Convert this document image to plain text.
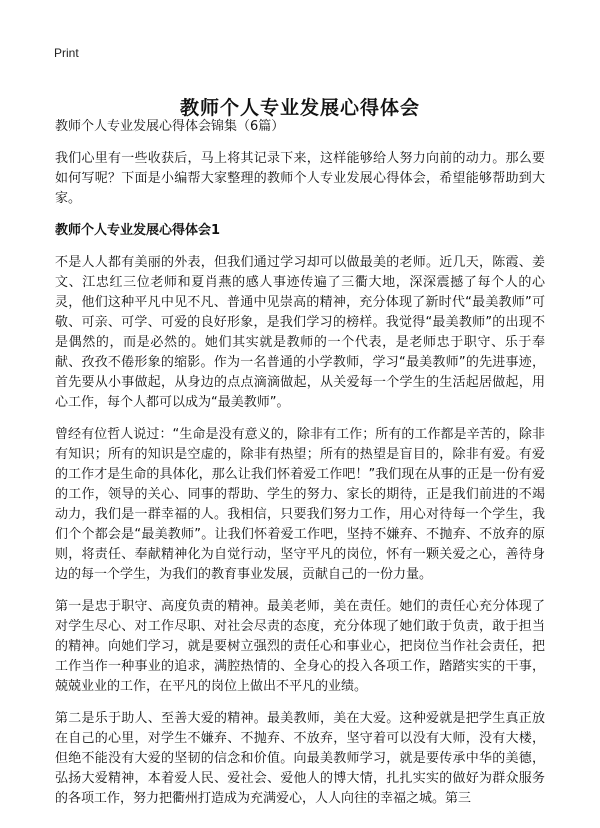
Print
教师个人专业发展心得体会

教师个人专业发展心得体会锦集（6篇）

我们心里有一些收获后，马上将其记录下来，这样能够给人努力向前的动力。那么要如何写呢？下面是小编帮大家整理的教师个人专业发展心得体会，希望能够帮助到大家。

教师个人专业发展心得体会1

不是人人都有美丽的外表，但我们通过学习却可以做最美的老师。近几天，陈霞、姜文、江忠红三位老师和夏肖燕的感人事迹传遍了三衢大地，深深震撼了每个人的心灵，他们这种平凡中见不凡、普通中见崇高的精神，充分体现了新时代“最美教师”可敬、可亲、可学、可爱的良好形象，是我们学习的榜样。我觉得“最美教师”的出现不是偶然的，而是必然的。她们其实就是教师的一个代表，是老师忠于职守、乐于奉献、孜孜不倦形象的缩影。作为一名普通的小学教师，学习“最美教师”的先进事迹，首先要从小事做起，从身边的点点滴滴做起，从关爱每一个学生的生活起居做起，用心工作，每个人都可以成为“最美教师”。

曾经有位哲人说过：“生命是没有意义的，除非有工作；所有的工作都是辛苦的，除非有知识；所有的知识是空虚的，除非有热望；所有的热望是盲目的，除非有爱。有爱的工作才是生命的具体化，那么让我们怀着爱工作吧！”我们现在从事的正是一份有爱的工作，领导的关心、同事的帮助、学生的努力、家长的期待，正是我们前进的不竭动力，我们是一群幸福的人。我相信，只要我们努力工作，用心对待每一个学生，我们个个都会是“最美教师”。让我们怀着爱工作吧，坚持不嫌弃、不抛弃、不放弃的原则，将责任、奉献精神化为自觉行动，坚守平凡的岗位，怀有一颗关爱之心，善待身边的每一个学生，为我们的教育事业发展，贡献自己的一份力量。

第一是忠于职守、高度负责的精神。最美老师，美在责任。她们的责任心充分体现了对学生尽心、对工作尽职、对社会尽责的态度，充分体现了她们敢于负责，敢于担当的精神。向她们学习，就是要树立强烈的责任心和事业心，把岗位当作社会责任，把工作当作一种事业的追求，满腔热情的、全身心的投入各项工作，踏踏实实的干事，兢兢业业的工作，在平凡的岗位上做出不平凡的业绩。

第二是乐于助人、至善大爱的精神。最美教师，美在大爱。这种爱就是把学生真正放在自己的心里，对学生不嫌弃、不抛弃、不放弃，坚守着可以没有大师，没有大楼，但绝不能没有大爱的坚韧的信念和价值。向最美教师学习，就是要传承中华的美德，弘扬大爱精神，本着爱人民、爱社会、爱他人的博大情，扎扎实实的做好为群众服务的各项工作，努力把衢州打造成为充满爱心，人人向往的幸福之城。第三
